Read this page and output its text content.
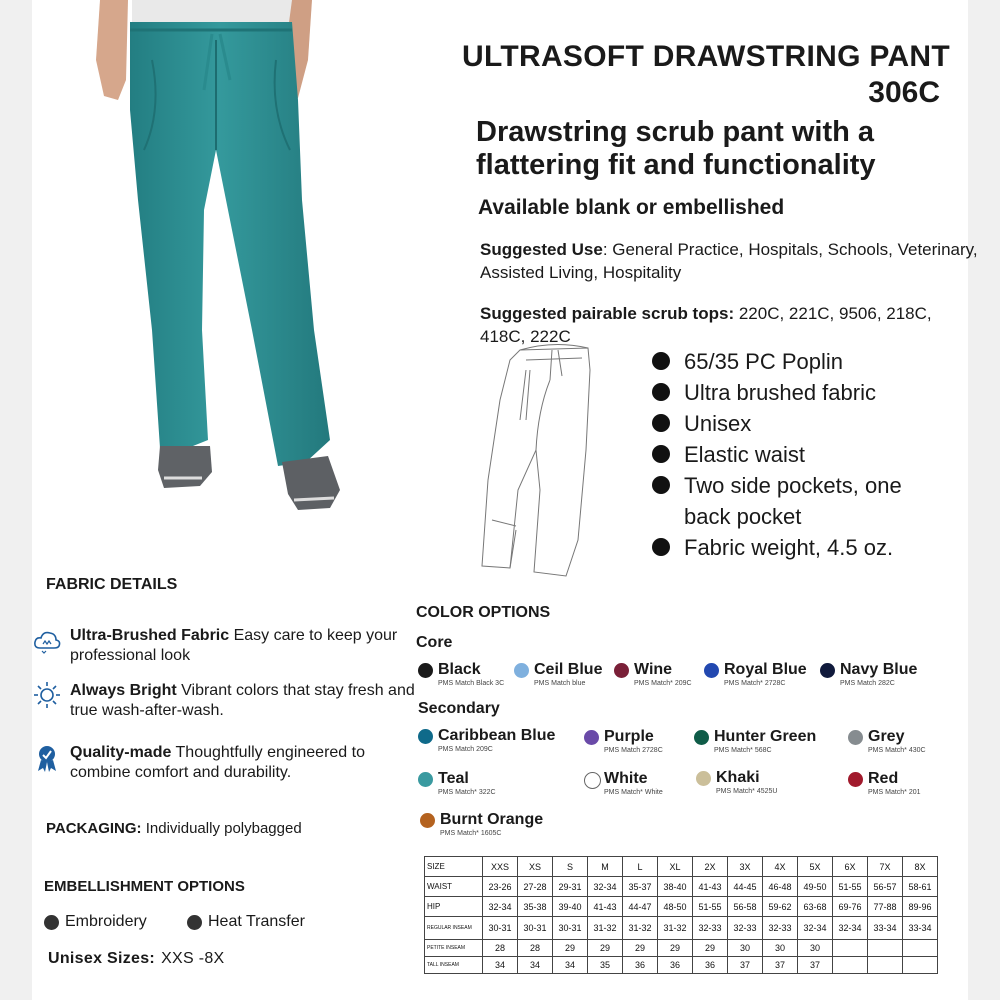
ULTRASOFT DRAWSTRING PANT
306C
Drawstring scrub pant with a flattering fit and functionality
Available blank or embellished
Suggested Use: General Practice, Hospitals, Schools, Veterinary, Assisted Living, Hospitality
Suggested pairable scrub tops: 220C, 221C, 9506, 218C, 418C, 222C
65/35 PC Poplin
Ultra brushed fabric
Unisex
Elastic waist
Two side pockets, one back pocket
Fabric weight, 4.5 oz.
FABRIC DETAILS
Ultra-Brushed Fabric Easy care to keep your professional look
Always Bright Vibrant colors that stay fresh and true wash-after-wash.
Quality-made Thoughtfully engineered to combine comfort and durability.
PACKAGING: Individually polybagged
EMBELLISHMENT OPTIONS
Embroidery	Heat Transfer
Unisex Sizes: XXS -8X
COLOR OPTIONS
Core
Secondary
Black
PMS Match Black 3C
Ceil Blue
PMS Match blue
Wine
PMS Match* 209C
Royal Blue
PMS Match* 2728C
Navy Blue
PMS Match 282C
Caribbean Blue
PMS Match 209C
Purple
PMS Match 2728C
Hunter Green
PMS Match* 568C
Grey
PMS Match* 430C
Teal
PMS Match* 322C
White
PMS Match* White
Khaki
PMS Match* 4525U
Red
PMS Match* 201
Burnt Orange
PMS Match* 1605C
SIZE	XXS	XS	S	M	L	XL	2X	3X	4X	5X	6X	7X	8X
WAIST	23-26	27-28	29-31	32-34	35-37	38-40	41-43	44-45	46-48	49-50	51-55	56-57	58-61
HIP	32-34	35-38	39-40	41-43	44-47	48-50	51-55	56-58	59-62	63-68	69-76	77-88	89-96
REGULAR INSEAM	30-31	30-31	30-31	31-32	31-32	31-32	32-33	32-33	32-33	32-34	32-34	33-34	33-34
PETITE INSEAM	28	28	29	29	29	29	29	30	30	30			
TALL INSEAM	34	34	34	35	36	36	36	37	37	37			
